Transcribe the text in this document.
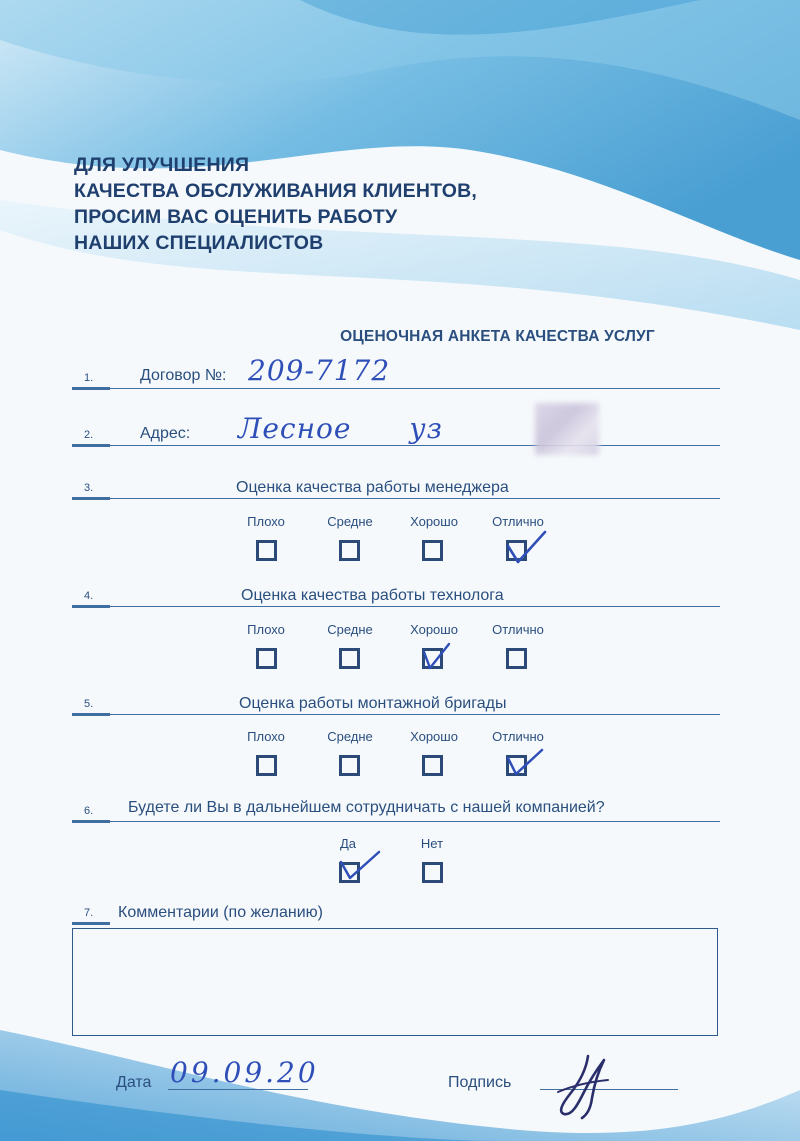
ДЛЯ УЛУЧШЕНИЯ
КАЧЕСТВА ОБСЛУЖИВАНИЯ КЛИЕНТОВ,
ПРОСИМ ВАС ОЦЕНИТЬ РАБОТУ
НАШИХ СПЕЦИАЛИСТОВ
ОЦЕНОЧНАЯ АНКЕТА КАЧЕСТВА УСЛУГ
1.	Договор №: 209-7172
2.	Адрес: Лесное уз
3.	Оценка качества работы менеджера
Плохо	Средне	Хорошо	Отлично
4.	Оценка качества работы технолога
Плохо	Средне	Хорошо	Отлично
5.	Оценка работы монтажной бригады
Плохо	Средне	Хорошо	Отлично
6. Будете ли Вы в дальнейшем сотрудничать с нашей компанией?
Да	Нет
7. Комментарии (по желанию)
Дата 09.09.20	Подпись
